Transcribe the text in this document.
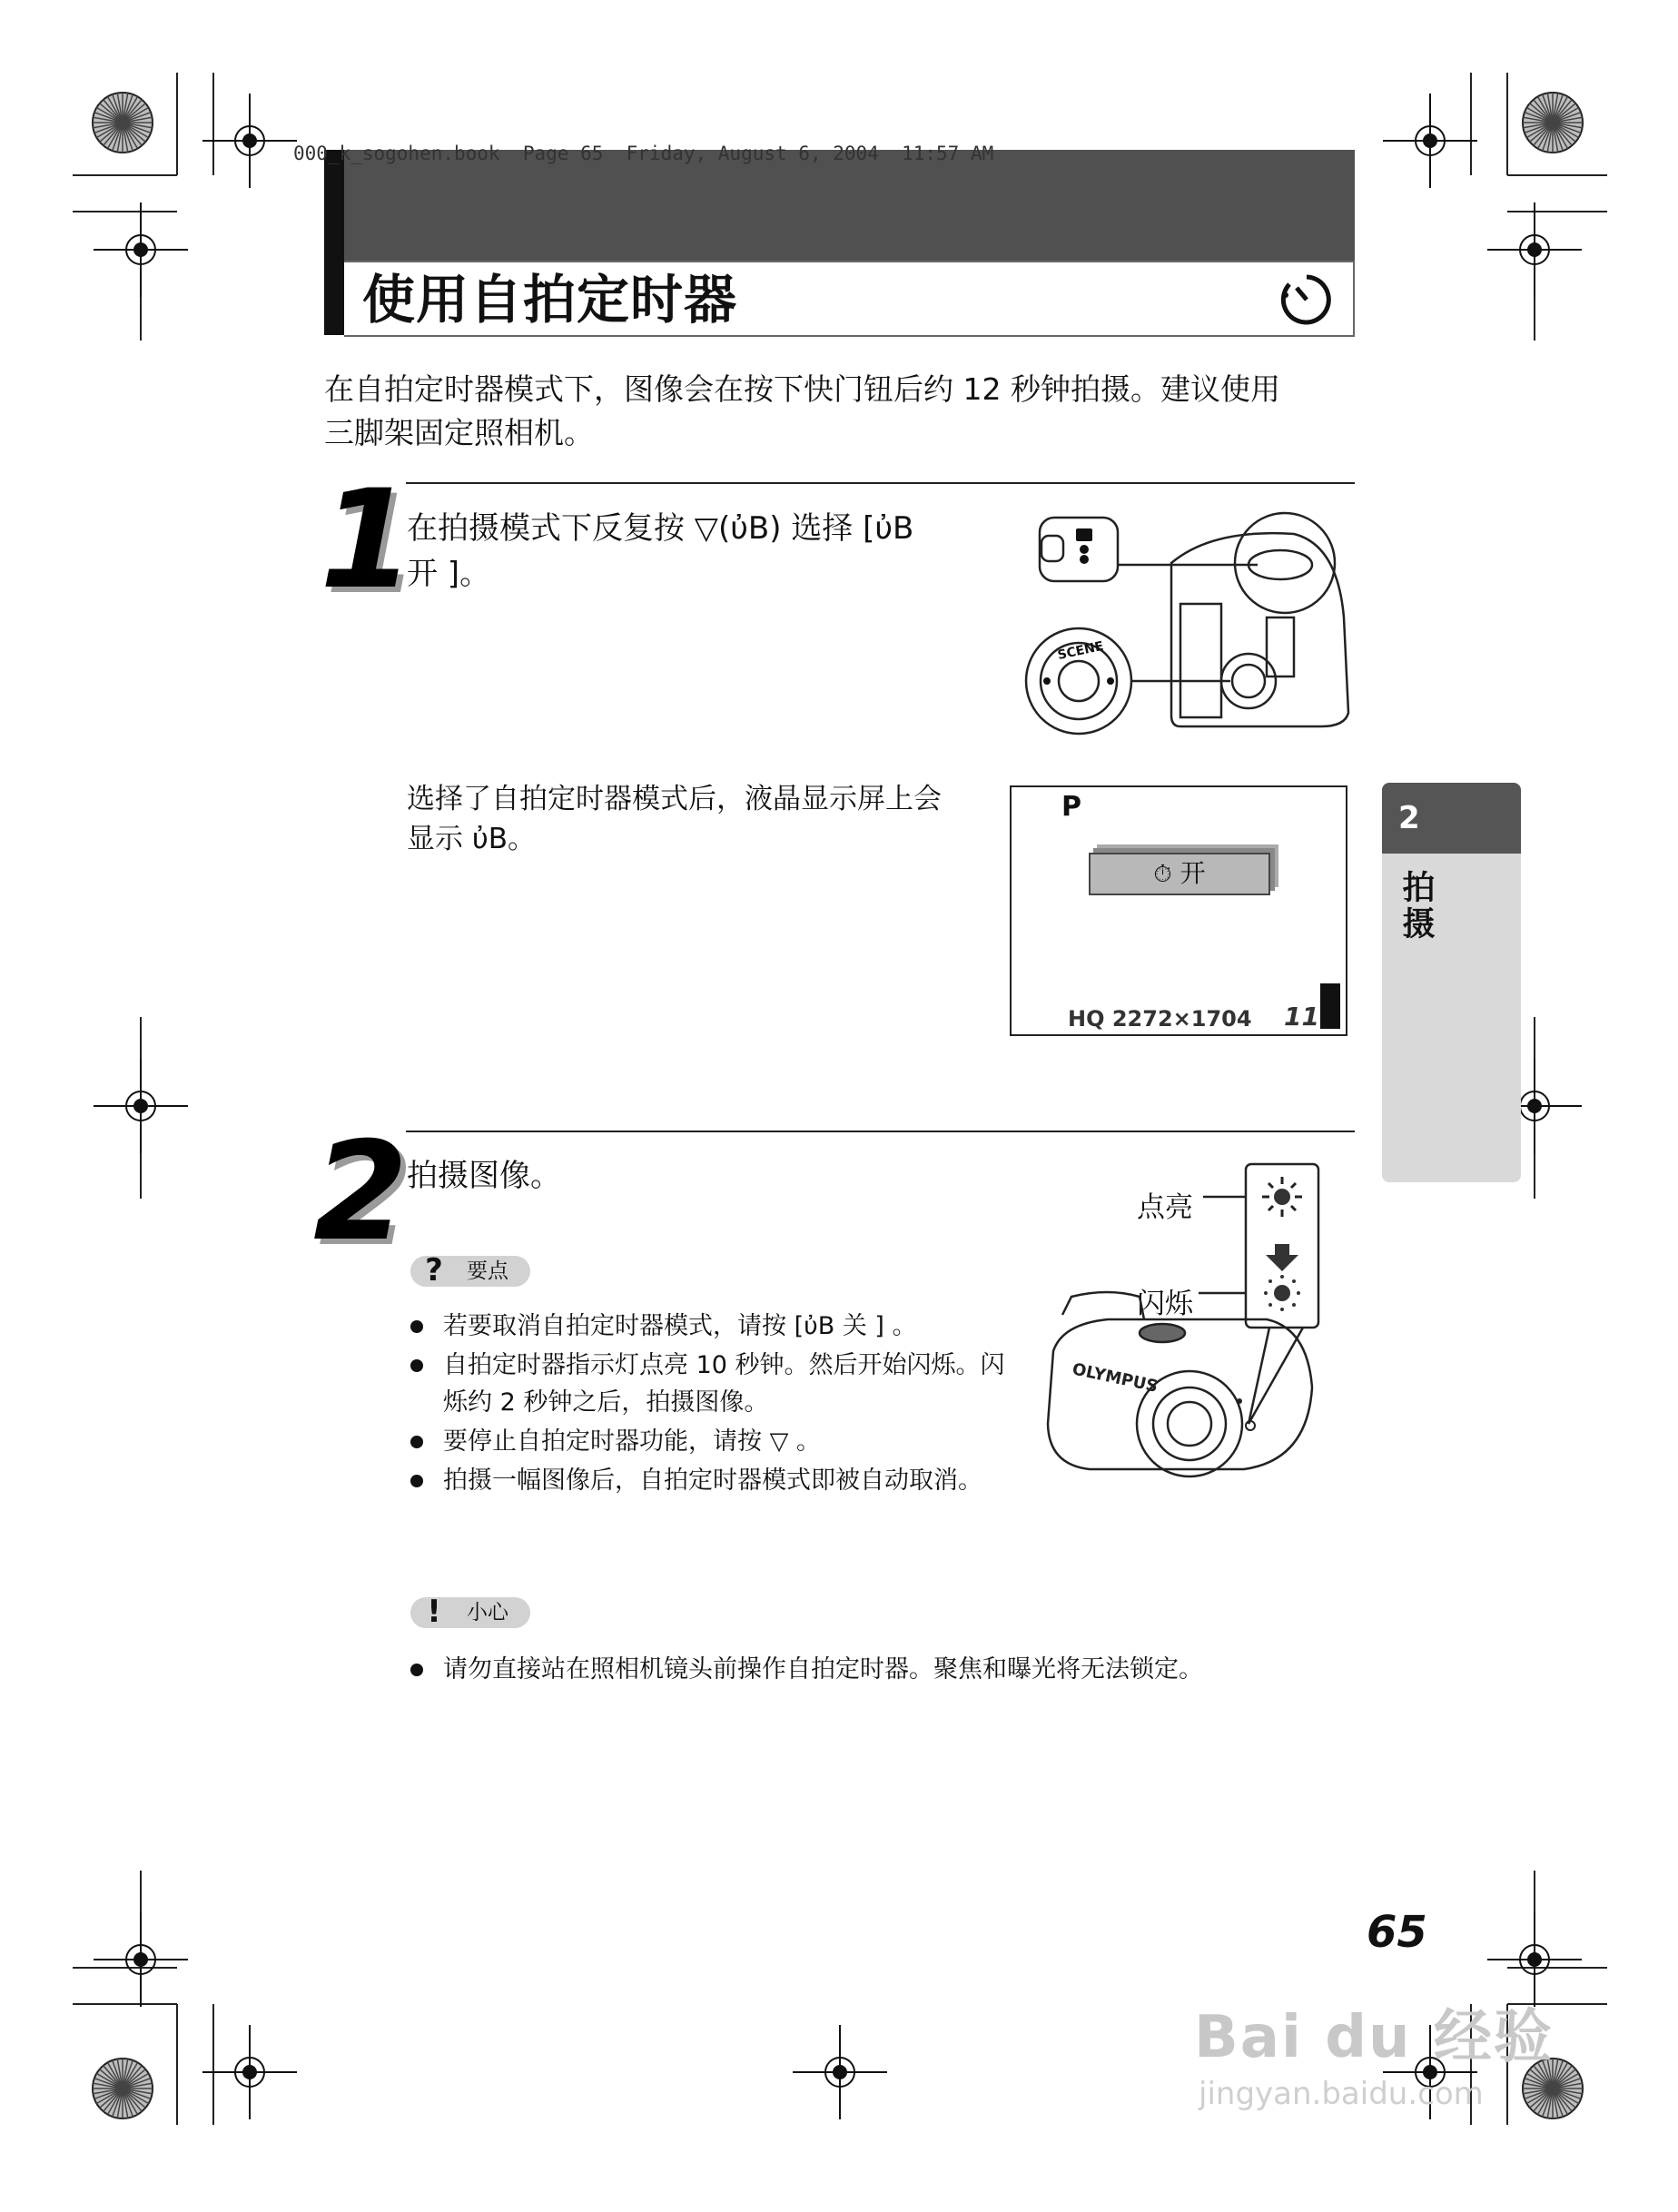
000_k_sogohen.book  Page 65  Friday, August 6, 2004  11:57 AM
使用自拍定时器
在自拍定时器模式下，图像会在按下快门钮后约 12 秒钟拍摄。建议使用
三脚架固定照相机。
1
在拍摄模式下反复按 ▽(ὐB) 选择 [ὐB
开 ]。
SCENE
选择了自拍定时器模式后，液晶显示屏上会
显示 ὐB。
P
⏱ 开
HQ 2272×1704 11
2
拍摄
2
拍摄图像。
?	要点
若要取消自拍定时器模式，请按 [ὐB 关 ] 。
自拍定时器指示灯点亮 10 秒钟。然后开始闪烁。闪烁约 2 秒钟之后，拍摄图像。
要停止自拍定时器功能，请按 ▽ 。
拍摄一幅图像后，自拍定时器模式即被自动取消。
!	小心
请勿直接站在照相机镜头前操作自拍定时器。聚焦和曝光将无法锁定。
点亮
闪烁
OLYMPUS
65
Bai du 经验
jingyan.baidu.com
